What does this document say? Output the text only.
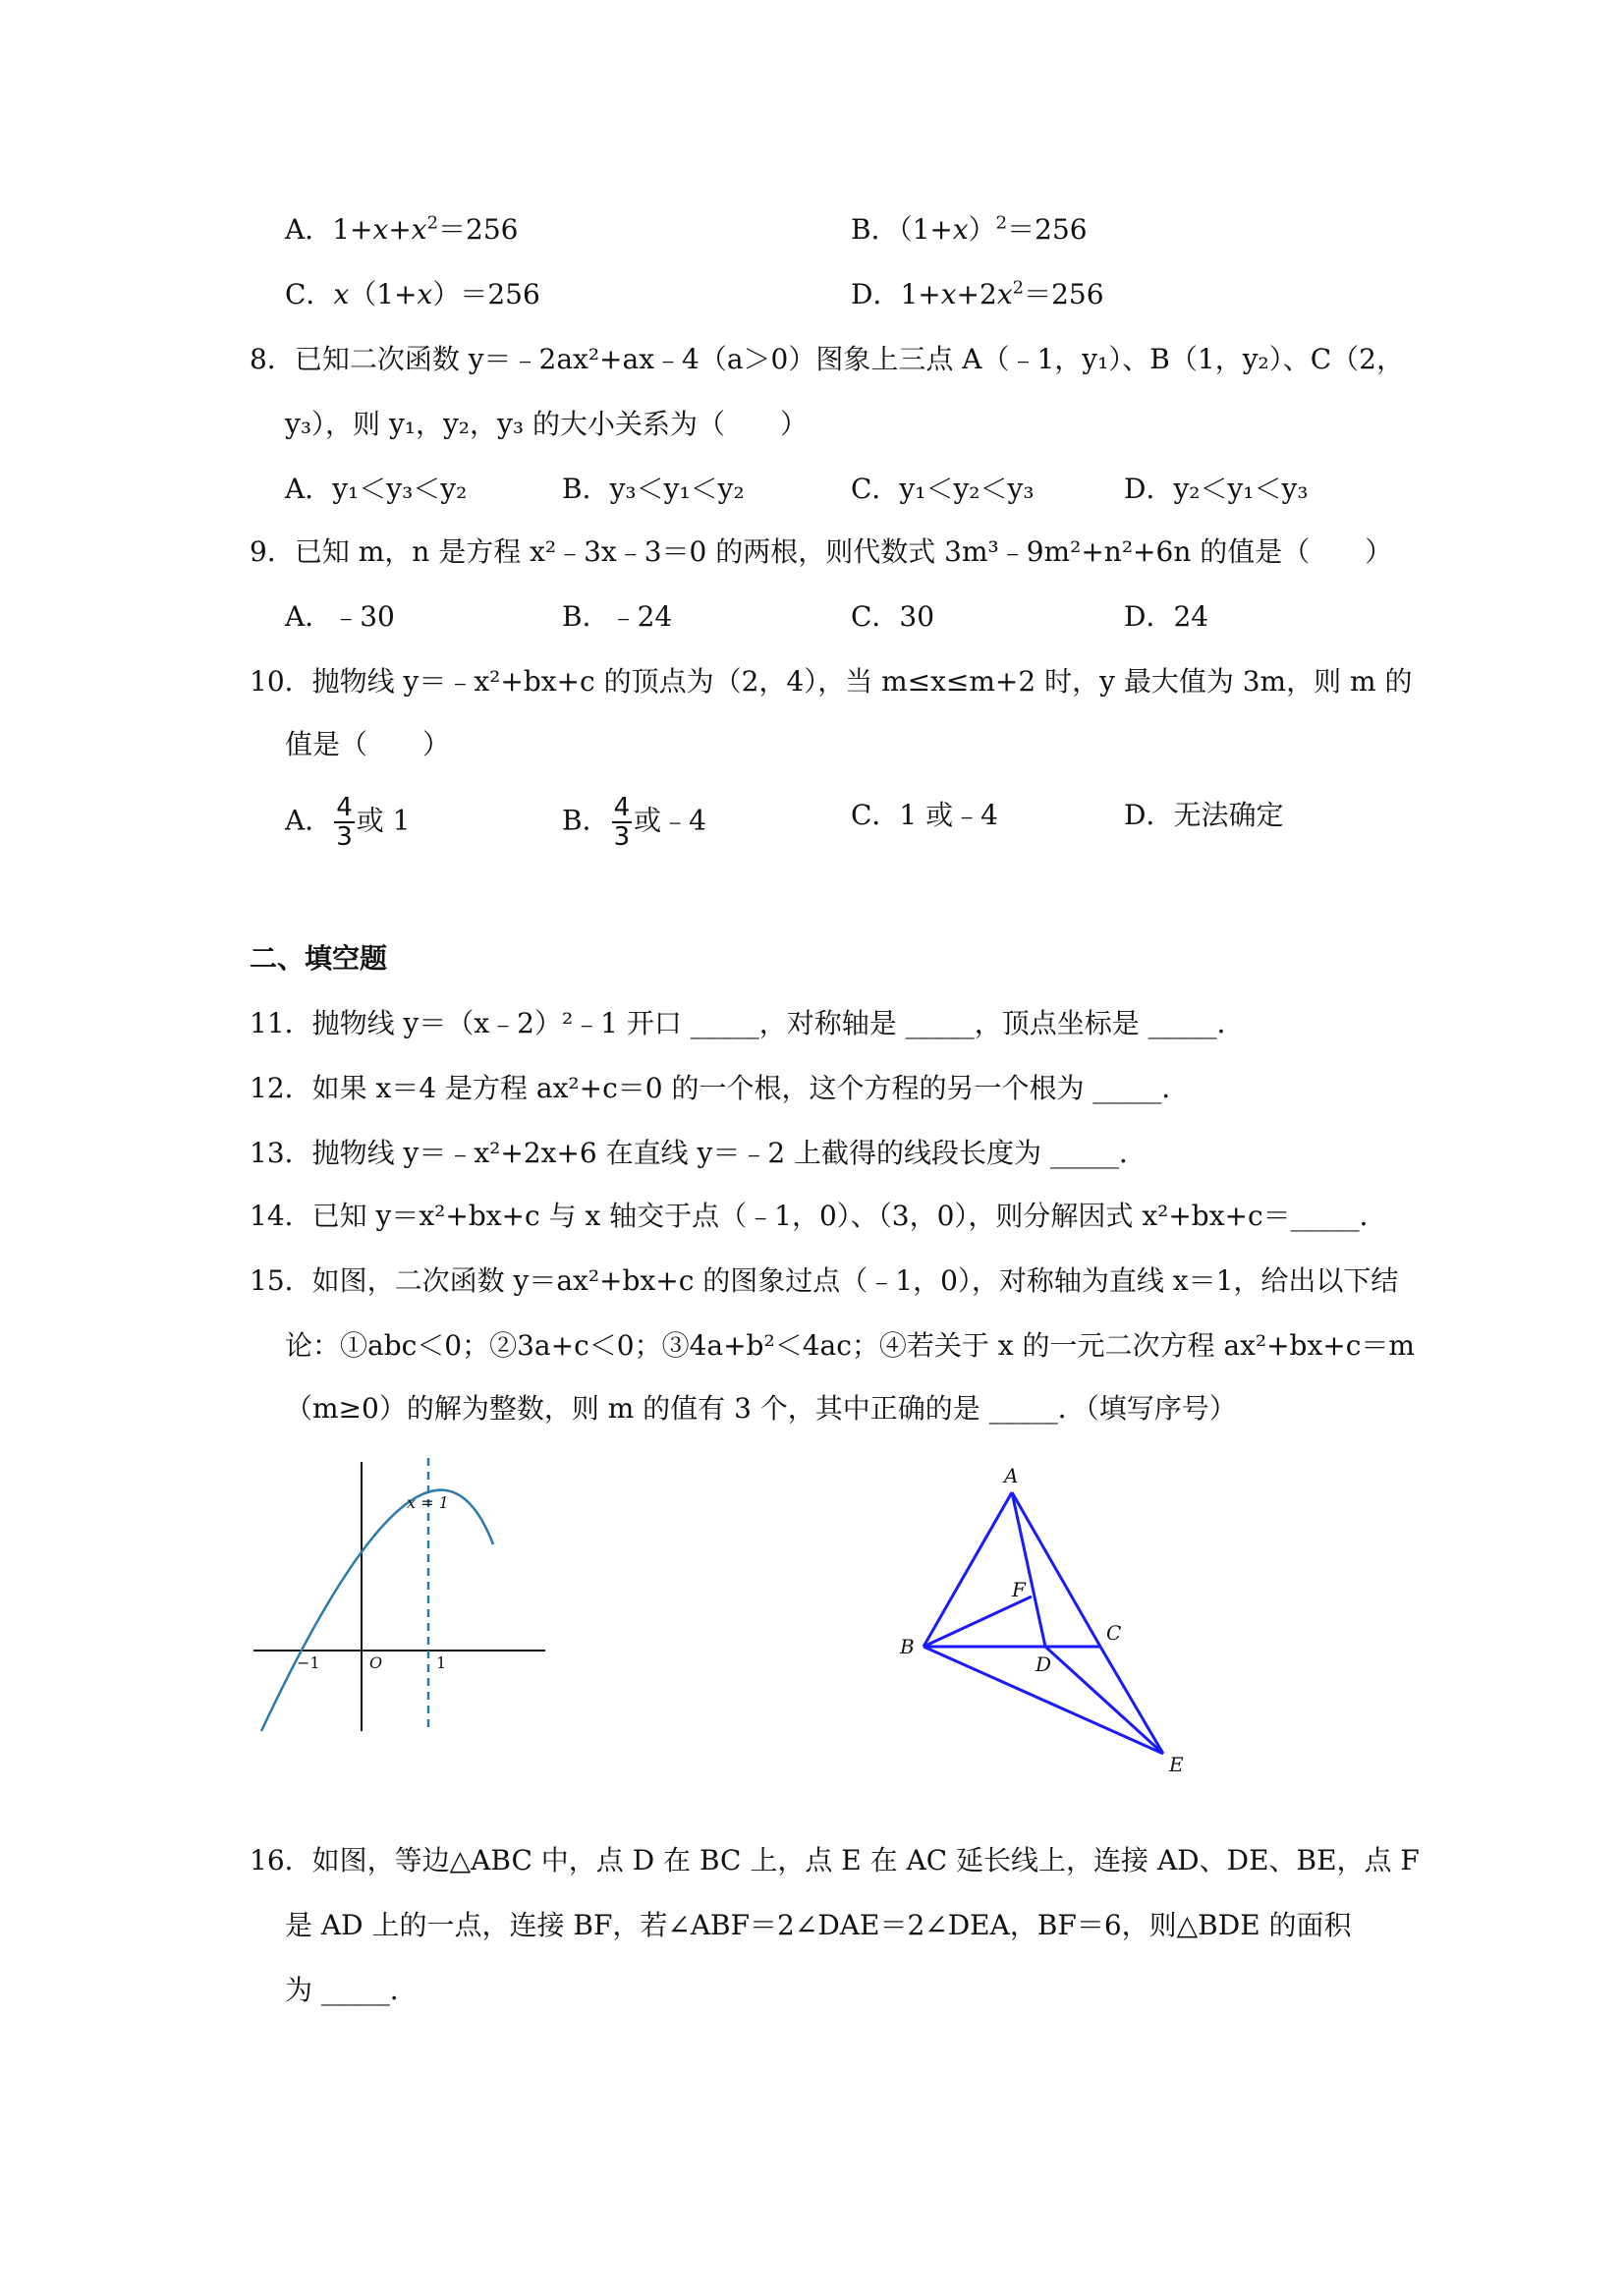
A．$1+x+x^2=256$	B．$(1+x)^2=256$
C．x（1+x）＝256	D．$1+x+2x^2=256$
8．已知二次函数 y＝﹣2ax²+ax﹣4（a＞0）图象上三点 A（﹣1，y₁）、B（1，y₂）、C（2，
y₃），则 y₁，y₂，y₃ 的大小关系为（　　）
A．y₁＜y₃＜y₂	B．y₃＜y₁＜y₂	C．y₁＜y₂＜y₃	D．y₂＜y₁＜y₃
9．已知 m，n 是方程 x²﹣3x﹣3＝0 的两根，则代数式 3m³﹣9m²+n²+6n 的值是（　　）
A．﹣30	B．﹣24	C．30	D．24
10．抛物线 y＝﹣x²+bx+c 的顶点为（2，4），当 m≤x≤m+2 时，y 最大值为 3m，则 m 的
值是（　　）
A． $\frac{4}{3}$ 或 1	B． $\frac{4}{3}$ 或﹣4	C．1 或﹣4	D．无法确定
二、填空题
11．抛物线 y＝（x﹣2）²﹣1 开口 _____，对称轴是 _____，顶点坐标是 _____．
12．如果 x＝4 是方程 ax²+c＝0 的一个根，这个方程的另一个根为 _____．
13．抛物线 y＝﹣x²+2x+6 在直线 y＝﹣2 上截得的线段长度为 _____．
14．已知 y＝x²+bx+c 与 x 轴交于点（﹣1，0）、（3，0），则分解因式 x²+bx+c＝_____．
15．如图，二次函数 y＝ax²+bx+c 的图象过点（﹣1，0），对称轴为直线 x＝1，给出以下结
论：①abc＜0；②3a+c＜0；③4a+b²＜4ac；④若关于 x 的一元二次方程 ax²+bx+c＝m
（m≥0）的解为整数，则 m 的值有 3 个，其中正确的是 _____．（填写序号）
x = 1
−1	O	1
A
B
C
D
E
F
16．如图，等边△ABC 中，点 D 在 BC 上，点 E 在 AC 延长线上，连接 AD、DE、BE，点 F
是 AD 上的一点，连接 BF，若∠ABF＝2∠DAE＝2∠DEA，BF＝6，则△BDE 的面积
为 _____．
